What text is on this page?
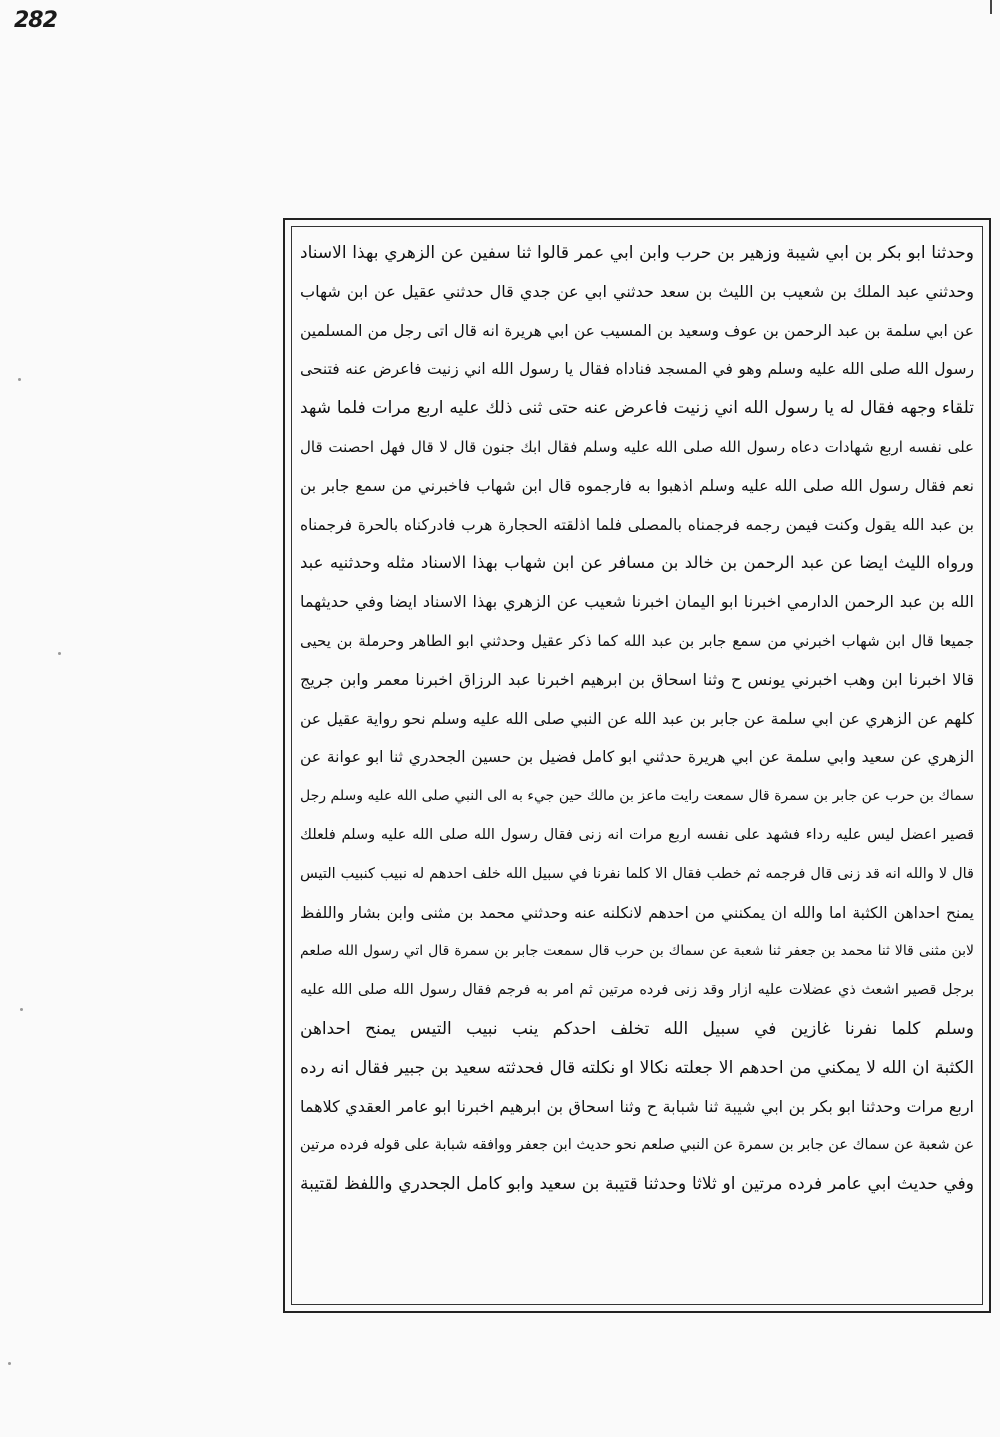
282
وحدثنا ابو بكر بن ابي شيبة وزهير بن حرب وابن ابي عمر قالوا ثنا سفين عن الزهري بهذا الاسناد
وحدثني عبد الملك بن شعيب بن الليث بن سعد حدثني ابي عن جدي قال حدثني عقيل عن ابن شهاب
عن ابي سلمة بن عبد الرحمن بن عوف وسعيد بن المسيب عن ابي هريرة انه قال اتى رجل من المسلمين
رسول الله صلى الله عليه وسلم وهو في المسجد فناداه فقال يا رسول الله اني زنيت فاعرض عنه فتنحى
تلقاء وجهه فقال له يا رسول الله اني زنيت فاعرض عنه حتى ثنى ذلك عليه اربع مرات فلما شهد
على نفسه اربع شهادات دعاه رسول الله صلى الله عليه وسلم فقال ابك جنون قال لا قال فهل احصنت قال
نعم فقال رسول الله صلى الله عليه وسلم اذهبوا به فارجموه قال ابن شهاب فاخبرني من سمع جابر بن
بن عبد الله يقول وكنت فيمن رجمه فرجمناه بالمصلى فلما اذلقته الحجارة هرب فادركناه بالحرة فرجمناه
ورواه الليث ايضا عن عبد الرحمن بن خالد بن مسافر عن ابن شهاب بهذا الاسناد مثله وحدثنيه عبد
الله بن عبد الرحمن الدارمي اخبرنا ابو اليمان اخبرنا شعيب عن الزهري بهذا الاسناد ايضا وفي حديثهما
جميعا قال ابن شهاب اخبرني من سمع جابر بن عبد الله كما ذكر عقيل وحدثني ابو الطاهر وحرملة بن يحيى
قالا اخبرنا ابن وهب اخبرني يونس ح وثنا اسحاق بن ابرهيم اخبرنا عبد الرزاق اخبرنا معمر وابن جريج
كلهم عن الزهري عن ابي سلمة عن جابر بن عبد الله عن النبي صلى الله عليه وسلم نحو رواية عقيل عن
الزهري عن سعيد وابي سلمة عن ابي هريرة حدثني ابو كامل فضيل بن حسين الجحدري ثنا ابو عوانة عن
سماك بن حرب عن جابر بن سمرة قال سمعت رايت ماعز بن مالك حين جيء به الى النبي صلى الله عليه وسلم رجل
قصير اعضل ليس عليه رداء فشهد على نفسه اربع مرات انه زنى فقال رسول الله صلى الله عليه وسلم فلعلك
قال لا والله انه قد زنى قال فرجمه ثم خطب فقال الا كلما نفرنا في سبيل الله خلف احدهم له نبيب كنبيب التيس
يمنح احداهن الكثبة اما والله ان يمكنني من احدهم لانكلنه عنه وحدثني محمد بن مثنى وابن بشار واللفظ
لابن مثنى قالا ثنا محمد بن جعفر ثنا شعبة عن سماك بن حرب قال سمعت جابر بن سمرة قال اتي رسول الله صلعم
برجل قصير اشعث ذي عضلات عليه ازار وقد زنى فرده مرتين ثم امر به فرجم فقال رسول الله صلى الله عليه
وسلم كلما نفرنا غازين في سبيل الله تخلف احدكم ينب نبيب التيس يمنح احداهن
الكثبة ان الله لا يمكني من احدهم الا جعلته نكالا او نكلته قال فحدثته سعيد بن جبير فقال انه رده
اربع مرات وحدثنا ابو بكر بن ابي شيبة ثنا شبابة ح وثنا اسحاق بن ابرهيم اخبرنا ابو عامر العقدي كلاهما
عن شعبة عن سماك عن جابر بن سمرة عن النبي صلعم نحو حديث ابن جعفر ووافقه شبابة على قوله فرده مرتين
وفي حديث ابي عامر فرده مرتين او ثلاثا وحدثنا قتيبة بن سعيد وابو كامل الجحدري واللفظ لقتيبة
